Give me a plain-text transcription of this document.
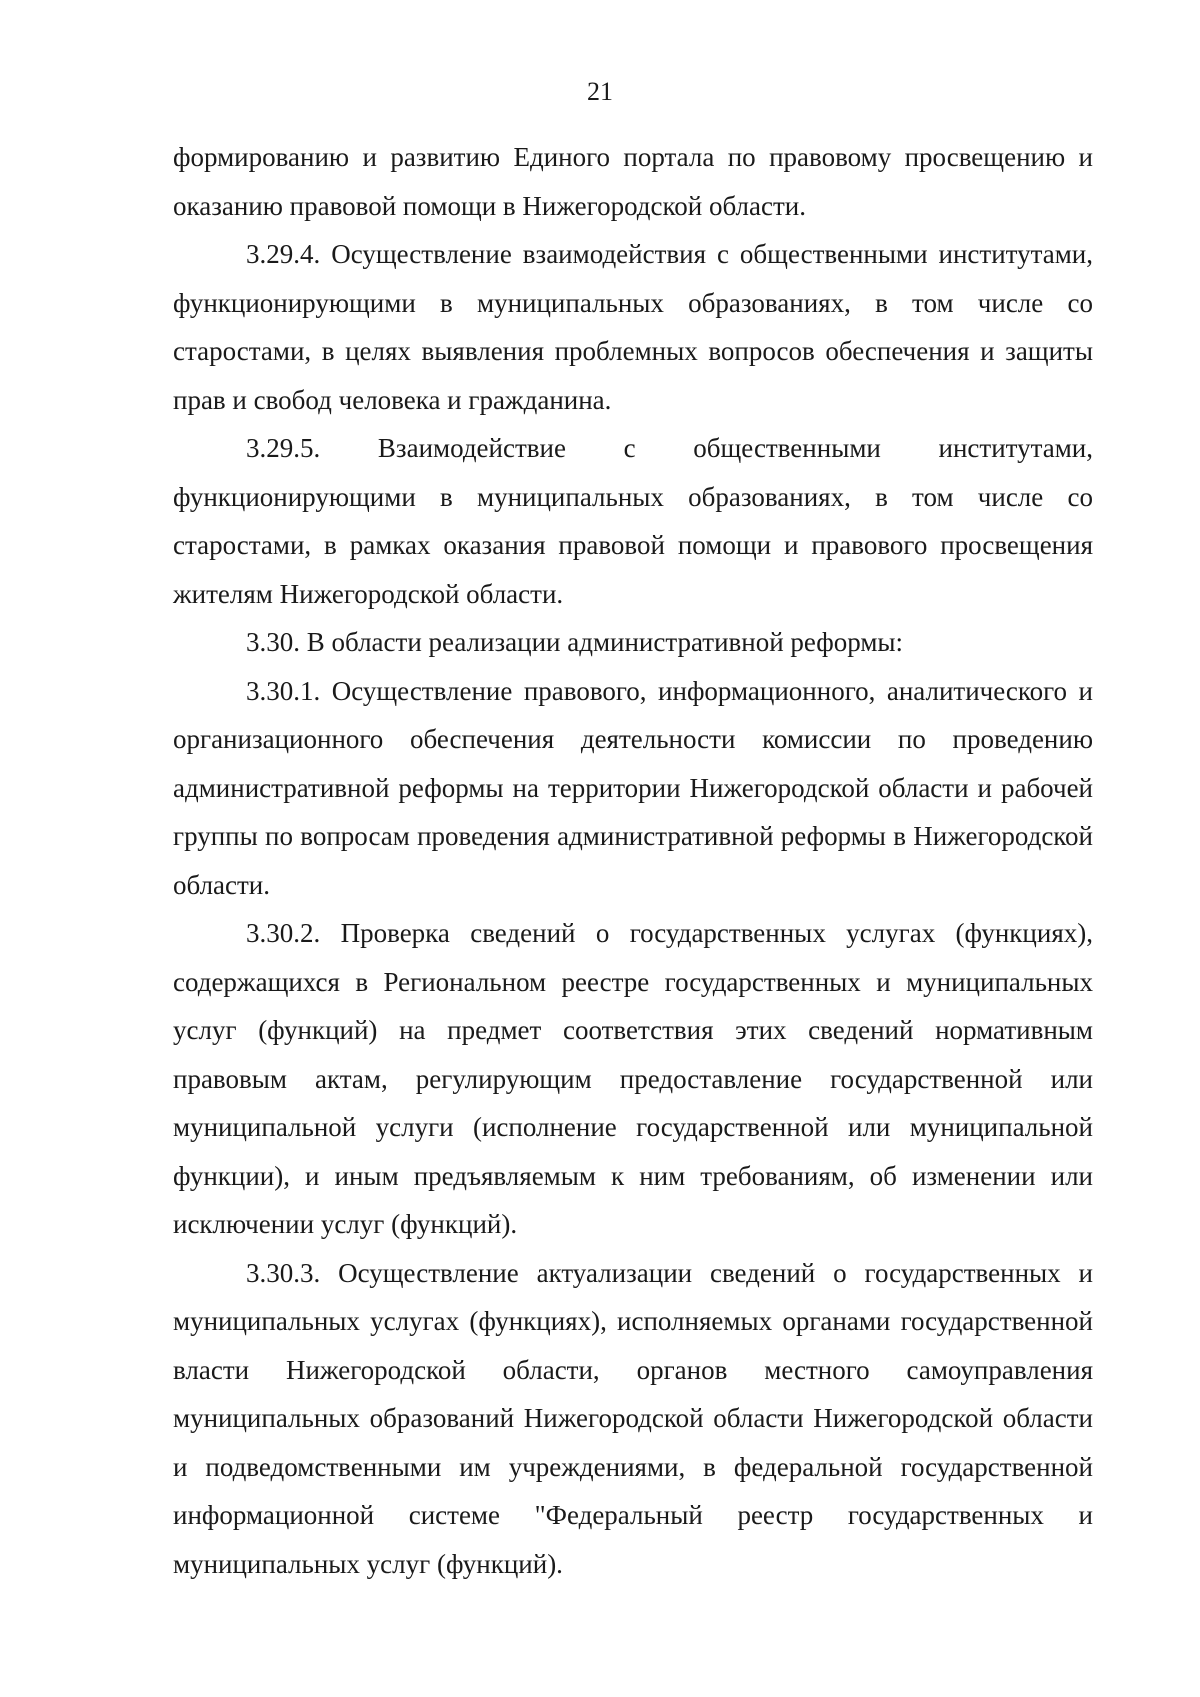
21

формированию и развитию Единого портала по правовому просвещению и оказанию правовой помощи в Нижегородской области.

3.29.4. Осуществление взаимодействия с общественными институтами, функционирующими в муниципальных образованиях, в том числе со старостами, в целях выявления проблемных вопросов обеспечения и защиты прав и свобод человека и гражданина.

3.29.5. Взаимодействие с общественными институтами, функционирующими в муниципальных образованиях, в том числе со старостами, в рамках оказания правовой помощи и правового просвещения жителям Нижегородской области.

3.30. В области реализации административной реформы:

3.30.1. Осуществление правового, информационного, аналитического и организационного обеспечения деятельности комиссии по проведению административной реформы на территории Нижегородской области и рабочей группы по вопросам проведения административной реформы в Нижегородской области.

3.30.2. Проверка сведений о государственных услугах (функциях), содержащихся в Региональном реестре государственных и муниципальных услуг (функций) на предмет соответствия этих сведений нормативным правовым актам, регулирующим предоставление государственной или муниципальной услуги (исполнение государственной или муниципальной функции), и иным предъявляемым к ним требованиям, об изменении или исключении услуг (функций).

3.30.3. Осуществление актуализации сведений о государственных и муниципальных услугах (функциях), исполняемых органами государственной власти Нижегородской области, органов местного самоуправления муниципальных образований Нижегородской области Нижегородской области и подведомственными им учреждениями, в федеральной государственной информационной системе "Федеральный реестр государственных и муниципальных услуг (функций).
